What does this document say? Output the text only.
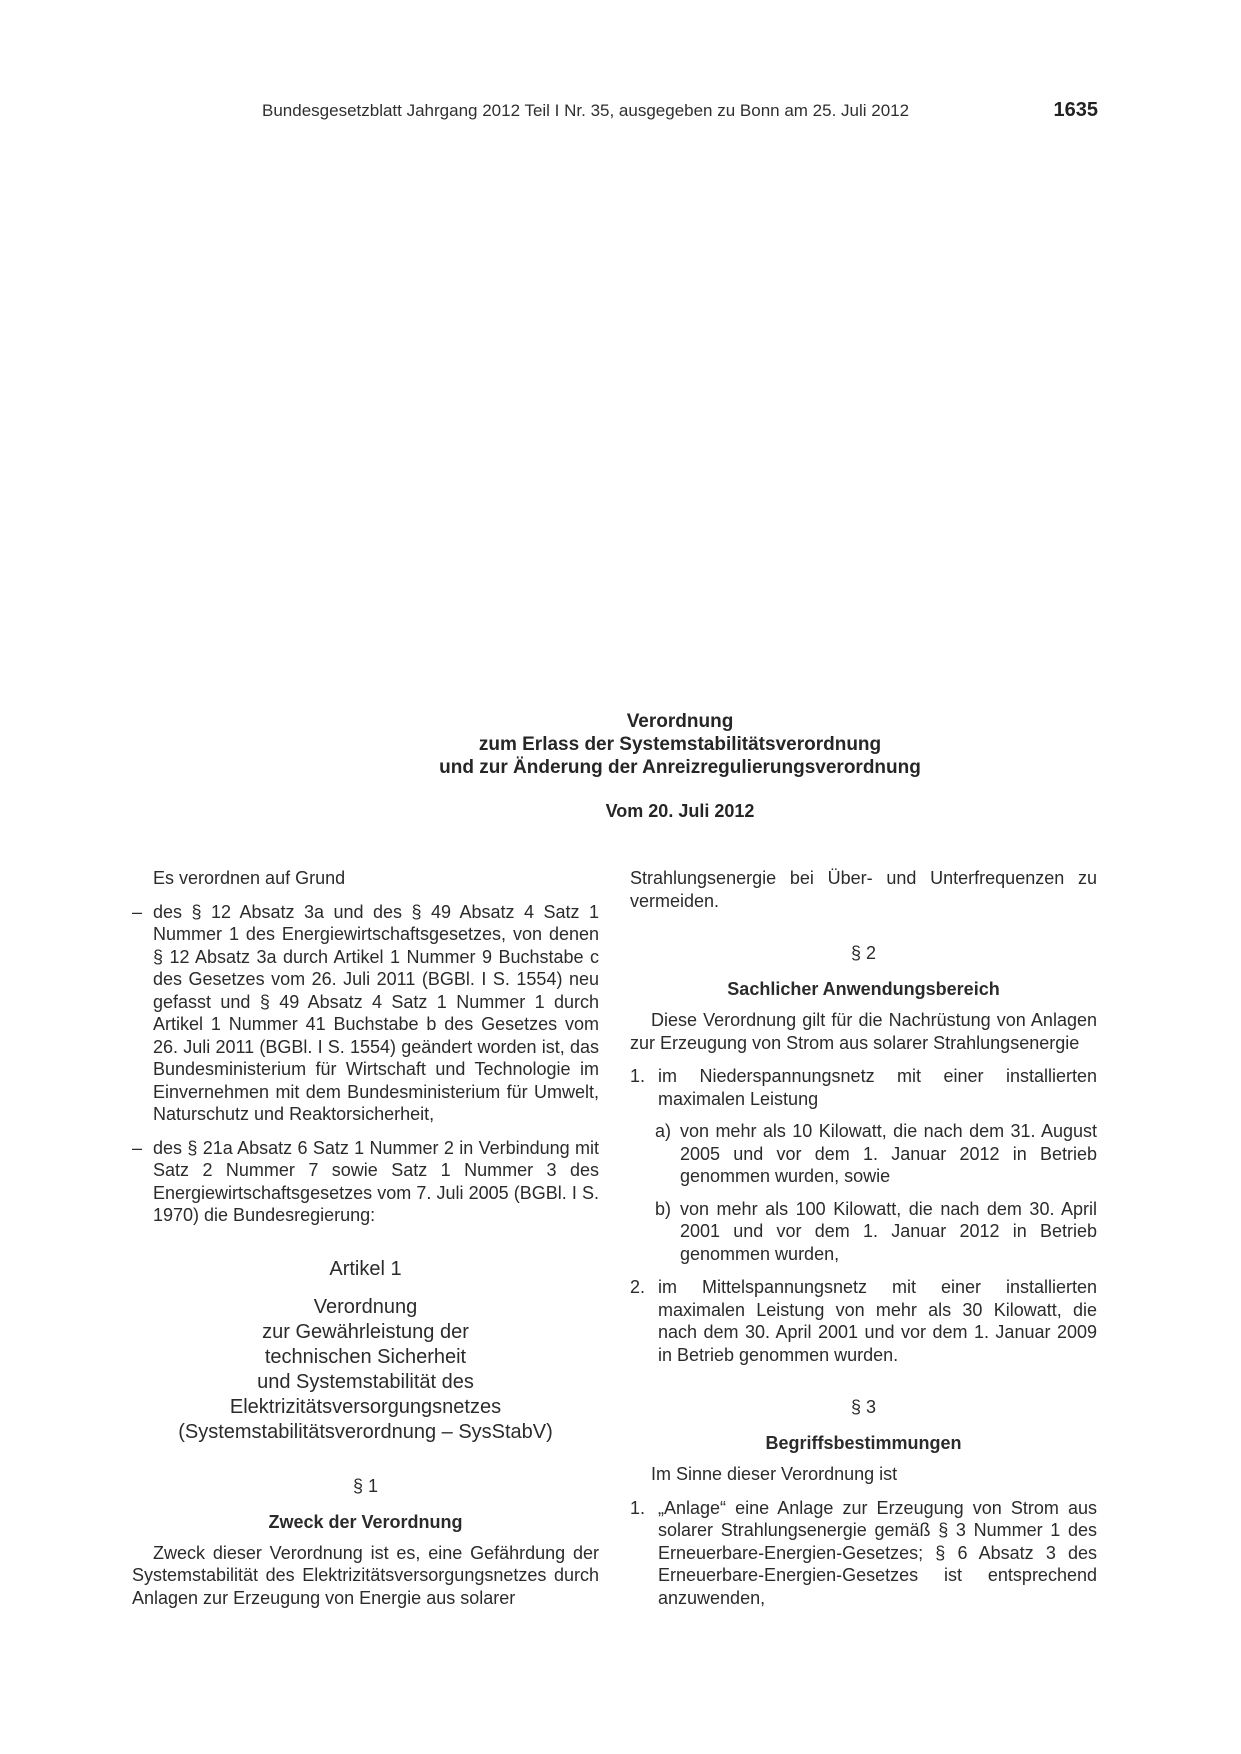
Bundesgesetzblatt Jahrgang 2012 Teil I Nr. 35, ausgegeben zu Bonn am 25. Juli 2012	1635
Verordnung
zum Erlass der Systemstabilitätsverordnung
und zur Änderung der Anreizregulierungsverordnung
Vom 20. Juli 2012

Es verordnen auf Grund

– des § 12 Absatz 3a und des § 49 Absatz 4 Satz 1 Nummer 1 des Energiewirtschaftsgesetzes, von denen § 12 Absatz 3a durch Artikel 1 Nummer 9 Buchstabe c des Gesetzes vom 26. Juli 2011 (BGBl. I S. 1554) neu gefasst und § 49 Absatz 4 Satz 1 Nummer 1 durch Artikel 1 Nummer 41 Buchstabe b des Gesetzes vom 26. Juli 2011 (BGBl. I S. 1554) geändert worden ist, das Bundesministerium für Wirtschaft und Technologie im Einvernehmen mit dem Bundesministerium für Umwelt, Naturschutz und Reaktorsicherheit,
– des § 21a Absatz 6 Satz 1 Nummer 2 in Verbindung mit Satz 2 Nummer 7 sowie Satz 1 Nummer 3 des Energiewirtschaftsgesetzes vom 7. Juli 2005 (BGBl. I S. 1970) die Bundesregierung:
Artikel 1
Verordnung
zur Gewährleistung der
technischen Sicherheit
und Systemstabilität des
Elektrizitätsversorgungsnetzes
(Systemstabilitätsverordnung – SysStabV)
§ 1
Zweck der Verordnung

Zweck dieser Verordnung ist es, eine Gefährdung der Systemstabilität des Elektrizitätsversorgungsnetzes durch Anlagen zur Erzeugung von Energie aus solarer

Strahlungsenergie bei Über- und Unterfrequenzen zu vermeiden.

§ 2
Sachlicher Anwendungsbereich

Diese Verordnung gilt für die Nachrüstung von Anlagen zur Erzeugung von Strom aus solarer Strahlungsenergie

1. im Niederspannungsnetz mit einer installierten maximalen Leistung
a) von mehr als 10 Kilowatt, die nach dem 31. August 2005 und vor dem 1. Januar 2012 in Betrieb genommen wurden, sowie
b) von mehr als 100 Kilowatt, die nach dem 30. April 2001 und vor dem 1. Januar 2012 in Betrieb genommen wurden,
2. im Mittelspannungsnetz mit einer installierten maximalen Leistung von mehr als 30 Kilowatt, die nach dem 30. April 2001 und vor dem 1. Januar 2009 in Betrieb genommen wurden.
§ 3
Begriffsbestimmungen

Im Sinne dieser Verordnung ist

1. „Anlage“ eine Anlage zur Erzeugung von Strom aus solarer Strahlungsenergie gemäß § 3 Nummer 1 des Erneuerbare-Energien-Gesetzes; § 6 Absatz 3 des Erneuerbare-Energien-Gesetzes ist entsprechend anzuwenden,
